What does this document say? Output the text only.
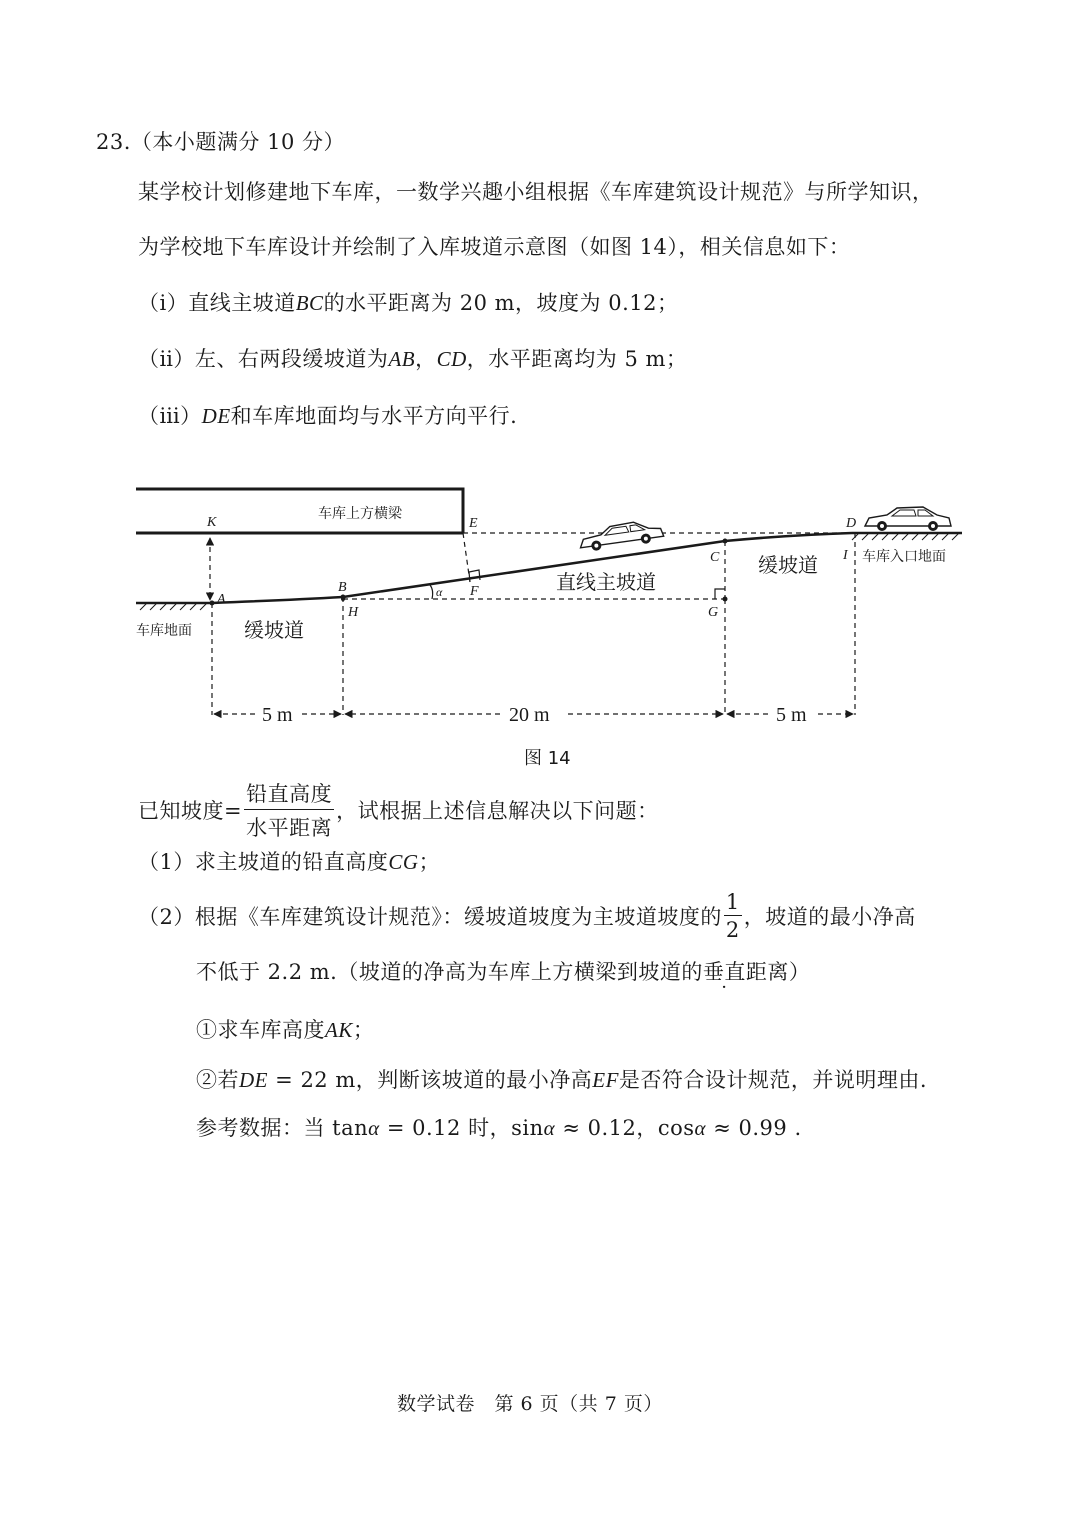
23.（本小题满分 10 分）
某学校计划修建地下车库，一数学兴趣小组根据《车库建筑设计规范》与所学知识，
为学校地下车库设计并绘制了入库坡道示意图（如图 14），相关信息如下：
（ⅰ）直线主坡道BC的水平距离为 20 m，坡度为 0.12；
（ⅱ）左、右两段缓坡道为AB，CD，水平距离均为 5 m；
（ⅲ）DE和车库地面均与水平方向平行.
车库上方横梁
K	E	D
C	I 车库入口地面
缓坡道
直线主坡道
B	F
α
A
H	G
车库地面	缓坡道
5 m	20 m	5 m
图 14
已知坡度= $\frac{\text{铅直高度}}{\text{水平距离}}$ ，试根据上述信息解决以下问题：
（1）求主坡道的铅直高度CG；
（2）根据《车库建筑设计规范》：缓坡道坡度为主坡道坡度的 $\frac{1}{2}$ ，坡道的最小净高
不低于 2.2 m.（坡道的净高为车库上方横梁到坡道的垂直距离）
①求车库高度AK；
②若DE = 22 m，判断该坡道的最小净高EF是否符合设计规范，并说明理由.
参考数据：当 tanα = 0.12 时，sinα ≈ 0.12，cosα ≈ 0.99 .
数学试卷　第 6 页（共 7 页）
